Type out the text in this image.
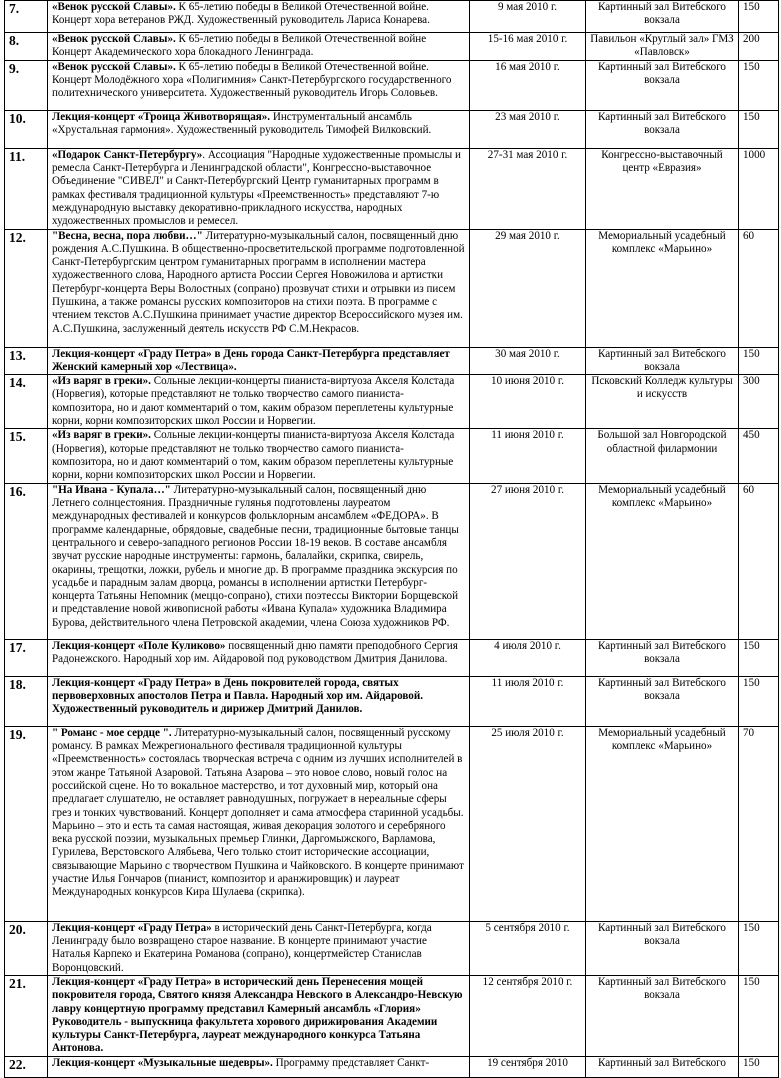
7.	«Венок русской Славы». К 65-летию победы в Великой Отечественной войне. Концерт хора ветеранов РЖД. Художественный руководитель Лариса Конарева.	9 мая 2010 г.	Картинный зал Витебского вокзала	150
8.	«Венок русской Славы». К 65-летию победы в Великой Отечественной войне Концерт Академического хора блокадного Ленинграда.	15-16 мая 2010 г.	Павильон «Круглый зал» ГМЗ «Павловск»	200
9.	«Венок русской Славы». К 65-летию победы в Великой Отечественной войне. Концерт Молодёжного хора «Полигимния» Санкт-Петербургского государственного политехнического университета. Художественный руководитель Игорь Соловьев.	16 мая 2010 г.	Картинный зал Витебского вокзала	150
10.	Лекция-концерт «Троица Животворящая». Инструментальный ансамбль «Хрустальная гармония». Художественный руководитель Тимофей Вилковский.	23 мая 2010 г.	Картинный зал Витебского вокзала	150
11.	«Подарок Санкт-Петербургу». Ассоциация "Народные художественные промыслы и ремесла Санкт-Петербурга и Ленинградской области", Конгрессно-выставочное Объединение "СИВЕЛ" и Санкт-Петербургский Центр гуманитарных программ в рамках фестиваля традиционной культуры «Преемственность» представляют 7-ю международную выставку декоративно-прикладного искусства, народных художественных промыслов и ремесел.	27-31 мая 2010 г.	Конгрессно-выставочный центр «Евразия»	1000
12.	"Весна, весна, пора любви…" Литературно-музыкальный салон, посвященный дню рождения А.С.Пушкина. В общественно-просветительской программе подготовленной Санкт-Петербургским центром гуманитарных программ в исполнении мастера художественного слова, Народного артиста России Сергея Новожилова и артистки Петербург-концерта Веры Волостных (сопрано) прозвучат стихи и отрывки из писем Пушкина, а также романсы русских композиторов на стихи поэта. В программе с чтением текстов А.С.Пушкина принимает участие директор Всероссийского музея им. А.С.Пушкина, заслуженный деятель искусств РФ С.М.Некрасов.	29 мая 2010 г.	Мемориальный усадебный комплекс «Марьино»	60
13.	Лекция-концерт «Граду Петра» в День города Санкт-Петербурга представляет Женский камерный хор «Лествица».	30 мая 2010 г.	Картинный зал Витебского вокзала	150
14.	«Из варяг в греки». Сольные лекции-концерты пианиста-виртуоза Акселя Колстада (Норвегия), которые представляют не только творчество самого пианиста-композитора, но и дают комментарий о том, каким образом переплетены культурные корни, корни композиторских школ России и Норвегии.	10 июня 2010 г.	Псковский Колледж культуры и искусств	300
15.	«Из варяг в греки». Сольные лекции-концерты пианиста-виртуоза Акселя Колстада (Норвегия), которые представляют не только творчество самого пианиста-композитора, но и дают комментарий о том, каким образом переплетены культурные корни, корни композиторских школ России и Норвегии.	11 июня 2010 г.	Большой зал Новгородской областной филармонии	450
16.	"На Ивана - Купала…" Литературно-музыкальный салон, посвященный дню Летнего солнцестояния. Праздничные гулянья подготовлены лауреатом международных фестивалей и конкурсов фольклорным ансамблем «ФЕДОРА». В программе календарные, обрядовые, свадебные песни, традиционные бытовые танцы центрального и северо-западного регионов России 18-19 веков. В составе ансамбля звучат русские народные инструменты: гармонь, балалайки, скрипка, свирель, окарины, трещотки, ложки, рубель и многие др. В программе праздника экскурсия по усадьбе и парадным залам дворца, романсы в исполнении артистки Петербург-концерта Татьяны Непомник (меццо-сопрано), стихи поэтессы Виктории Борщевской и представление новой живописной работы «Ивана Купала» художника Владимира Бурова, действительного члена Петровской академии, члена Союза художников РФ.	27 июня 2010 г.	Мемориальный усадебный комплекс «Марьино»	60
17.	Лекция-концерт «Поле Куликово» посвященный дню памяти преподобного Сергия Радонежского. Народный хор им. Айдаровой под руководством Дмитрия Данилова.	4 июля 2010 г.	Картинный зал Витебского вокзала	150
18.	Лекция-концерт «Граду Петра» в День покровителей города, святых первоверховных апостолов Петра и Павла. Народный хор им. Айдаровой. Художественный руководитель и дирижер Дмитрий Данилов.	11 июля 2010 г.	Картинный зал Витебского вокзала	150
19.	" Романс - мое сердце ". Литературно-музыкальный салон, посвященный русскому романсу. В рамках Межрегионального фестиваля традиционной культуры «Преемственность» состоялась творческая встреча с одним из лучших исполнителей в этом жанре Татьяной Азаровой. Татьяна Азарова – это новое слово, новый голос на российской сцене. Но то вокальное мастерство, и тот духовный мир, который она предлагает слушателю, не оставляет равнодушных, погружает в нереальные сферы грез и тонких чувствований. Концерт дополняет и сама атмосфера старинной усадьбы. Марьино – это и есть та самая настоящая, живая декорация золотого и серебряного века русской поэзии, музыкальных премьер Глинки, Даргомыжского, Варламова, Гурилева, Верстовского Алябьева, Чего только стоит исторические ассоциации, связывающие Марьино с творчеством Пушкина и Чайковского. В концерте принимают участие Илья Гончаров (пианист, композитор и аранжировщик) и лауреат Международных конкурсов Кира Шулаева (скрипка).	25 июля 2010 г.	Мемориальный усадебный комплекс «Марьино»	70
20.	Лекция-концерт «Граду Петра» в исторический день Санкт-Петербурга, когда Ленинграду было возвращено старое название. В концерте принимают участие Наталья Карпеко и Екатерина Романова (сопрано), концертмейстер Станислав Воронцовский.	5 сентября 2010 г.	Картинный зал Витебского вокзала	150
21.	Лекция-концерт «Граду Петра» в исторический день Перенесения мощей покровителя города, Святого князя Александра Невского в Александро-Невскую лавру концертную программу представил Камерный ансамбль «Глория» Руководитель - выпускница факультета хорового дирижирования Академии культуры Санкт-Петербурга, лауреат международного конкурса Татьяна Антонова.	12 сентября 2010 г.	Картинный зал Витебского вокзала	150
22.	Лекция-концерт «Музыкальные шедевры». Программу представляет Санкт-	19 сентября 2010	Картинный зал Витебского	150
